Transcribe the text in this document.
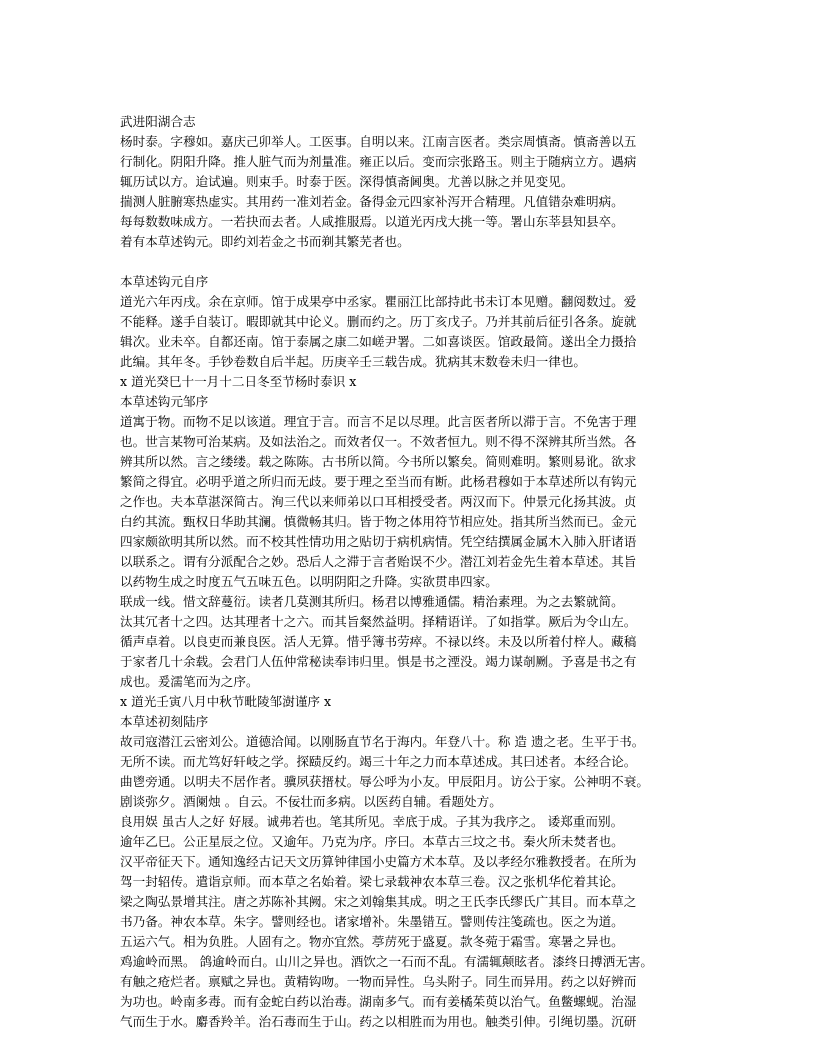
武进阳湖合志
杨时泰。字穆如。嘉庆己卯举人。工医事。自明以来。江南言医者。类宗周慎斋。慎斋善以五
行制化。阴阳升降。推人脏气而为剂量准。雍正以后。变而宗张路玉。则主于随病立方。遇病
辄历试以方。迨试遍。则束手。时泰于医。深得慎斋阃奥。尤善以脉之并见变见。
揣测人脏腑寒热虚实。其用药一准刘若金。备得金元四家补泻开合精理。凡值错杂难明病。
每每数数味成方。一若抉而去者。人咸推服焉。以道光丙戌大挑一等。署山东莘县知县卒。
着有本草述钩元。即约刘若金之书而剃其繁芜者也。
本草述钩元自序
道光六年丙戌。余在京师。馆于成果亭中丞家。瞿丽江比部持此书未订本见赠。翻阅数过。爱
不能释。遂手自装订。暇即就其中论义。删而约之。历丁亥戊子。乃并其前后征引各条。旋就
辑次。业未卒。自都还南。馆于泰属之康二如嵯尹署。二如喜谈医。馆政最简。遂出全力摄拾
此编。其年冬。手钞卷数自后半起。历庚辛壬三载告成。犹病其末数卷未归一律也。
x 道光癸巳十一月十二日冬至节杨时泰识 x
本草述钩元邹序
道寓于物。而物不足以该道。理宜于言。而言不足以尽理。此言医者所以滞于言。不免害于理
也。世言某物可治某病。及如法治之。而效者仅一。不效者恒九。则不得不深辨其所当然。各
辨其所以然。言之缕缕。载之陈陈。古书所以简。今书所以繁矣。简则难明。繁则易讹。欲求
繁简之得宜。必明乎道之所归而无歧。要于理之至当而有断。此杨君穆如于本草述所以有钩元
之作也。夫本草湛深简古。洵三代以来师弟以口耳相授受者。两汉而下。仲景元化扬其波。贞
白约其流。甄权日华助其澜。慎微畅其归。皆于物之体用符节相应处。指其所当然而已。金元
四家颇欲明其所以然。而不校其性情功用之贴切于病机病情。凭空结撰属金属木入肺入肝诸语
以联系之。谓有分派配合之妙。恐后人之滞于言者贻误不少。潜江刘若金先生着本草述。其旨
以药物生成之时度五气五味五色。以明阴阳之升降。实欲贯串四家。
联成一线。惜文辞蔓衍。读者几莫测其所归。杨君以博雅通儒。精治素理。为之去繁就简。
汰其冗者十之四。达其理者十之六。而其旨粲然益明。择精语详。了如指掌。厥后为令山左。
循声卓着。以良吏而兼良医。活人无算。惜乎簿书劳瘁。不禄以终。未及以所着付梓人。藏稿
于家者几十余载。会君门人伍仲常秘读奉讳归里。惧是书之湮没。竭力谋剞劂。予喜是书之有
成也。爰濡笔而为之序。
x 道光壬寅八月中秋节毗陵邹澍谨序 x
本草述初刻陆序
故司寇潜江云密刘公。道德洽闻。以刚肠直节名于海内。年登八十。称 造 遗之老。生平于书。
无所不读。而尤笃好轩岐之学。探赜反约。竭三十年之力而本草述成。其曰述者。本经合论。
曲鬯旁通。以明夫不居作者。骥夙获搢杖。辱公呼为小友。甲辰阳月。访公于家。公神明不衰。
剧谈弥夕。酒阑烛 。自云。不佞壮而多病。以医药自辅。看题处方。
良用娱 虽古人之好 好屐。诚弗若也。笔其所见。幸底于成。子其为我序之。 诿郑重而别。
逾年乙巳。公正星辰之位。又逾年。乃克为序。序曰。本草古三坟之书。秦火所未焚者也。
汉平帝征天下。通知逸经古记天文历算钟律国小史篇方术本草。及以孝经尔雅教授者。在所为
驾一封轺传。遣诣京师。而本草之名始着。梁七录载神农本草三卷。汉之张机华佗着其论。
梁之陶弘景增其注。唐之苏陈补其阙。宋之刘翰集其成。明之王氏李氏缪氏广其目。而本草之
书乃备。神农本草。朱字。譬则经也。诸家增补。朱墨错互。譬则传注笺疏也。医之为道。
五运六气。相为负胜。人固有之。物亦宜然。葶苈死于盛夏。款冬菀于霜雪。寒暑之异也。
鸡逾岭而黑。 鸽逾岭而白。山川之异也。酒饮之一石而不乱。有濡辄颠眩者。漆终日搏洒无害。
有触之疮烂者。禀赋之异也。黄精钩吻。一物而异性。乌头附子。同生而异用。药之以好辨而
为功也。岭南多毒。而有金蛇白药以治毒。湖南多气。而有姜橘茱萸以治气。鱼鳖螺蚬。治湿
气而生于水。麝香羚羊。治石毒而生于山。药之以相胜而为用也。触类引伸。引绳切墨。沉研
